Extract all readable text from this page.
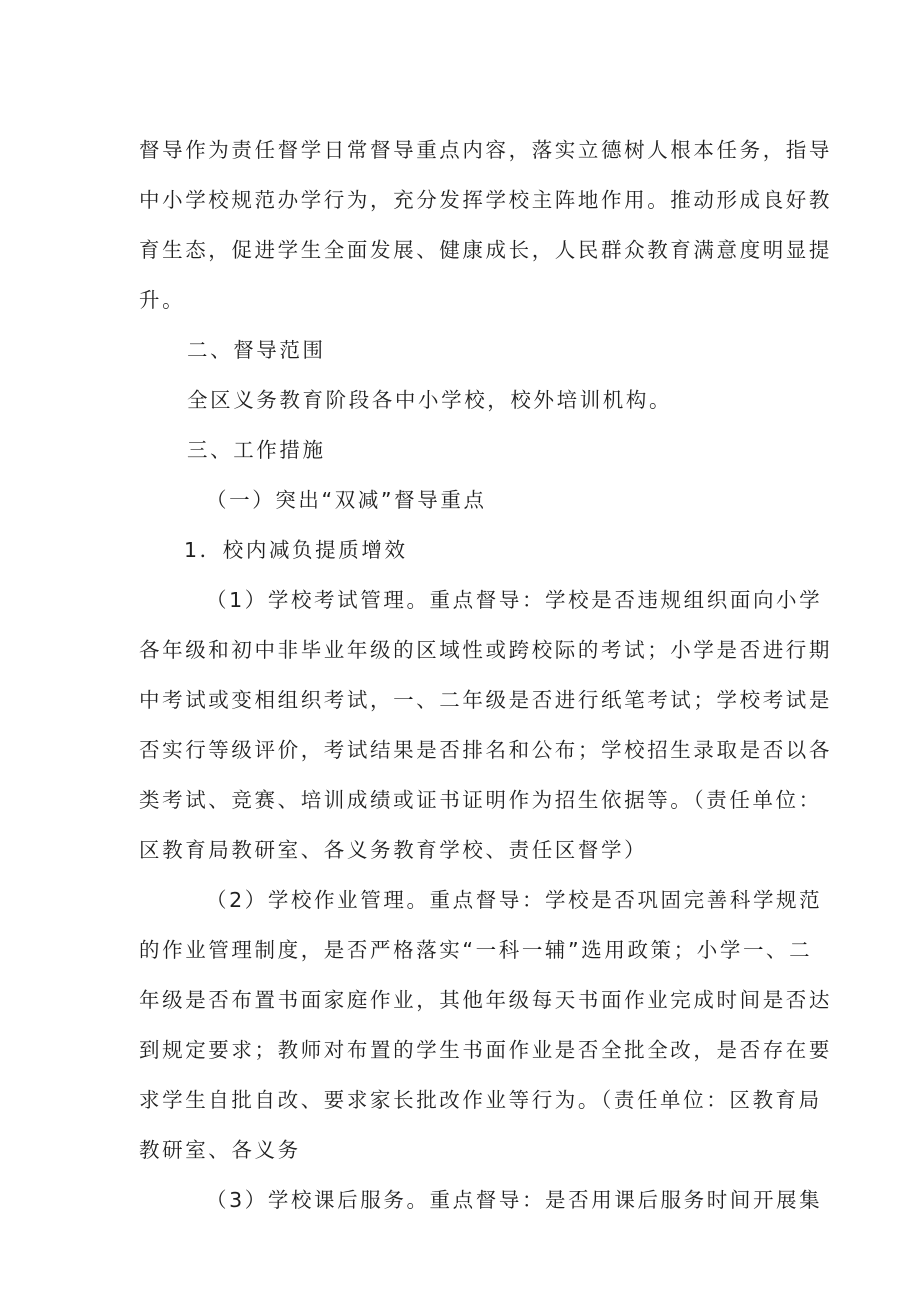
督导作为责任督学日常督导重点内容，落实立德树人根本任务，指导
中小学校规范办学行为，充分发挥学校主阵地作用。推动形成良好教
育生态，促进学生全面发展、健康成长，人民群众教育满意度明显提
升。
二、督导范围
全区义务教育阶段各中小学校，校外培训机构。
三、工作措施
（一）突出“双减”督导重点
1．校内减负提质增效
（1）学校考试管理。重点督导：学校是否违规组织面向小学
各年级和初中非毕业年级的区域性或跨校际的考试；小学是否进行期
中考试或变相组织考试，一、二年级是否进行纸笔考试；学校考试是
否实行等级评价，考试结果是否排名和公布；学校招生录取是否以各
类考试、竞赛、培训成绩或证书证明作为招生依据等。（责任单位：
区教育局教研室、各义务教育学校、责任区督学）
（2）学校作业管理。重点督导：学校是否巩固完善科学规范
的作业管理制度，是否严格落实“一科一辅”选用政策；小学一、二
年级是否布置书面家庭作业，其他年级每天书面作业完成时间是否达
到规定要求；教师对布置的学生书面作业是否全批全改，是否存在要
求学生自批自改、要求家长批改作业等行为。（责任单位：区教育局
教研室、各义务
（3）学校课后服务。重点督导：是否用课后服务时间开展集
